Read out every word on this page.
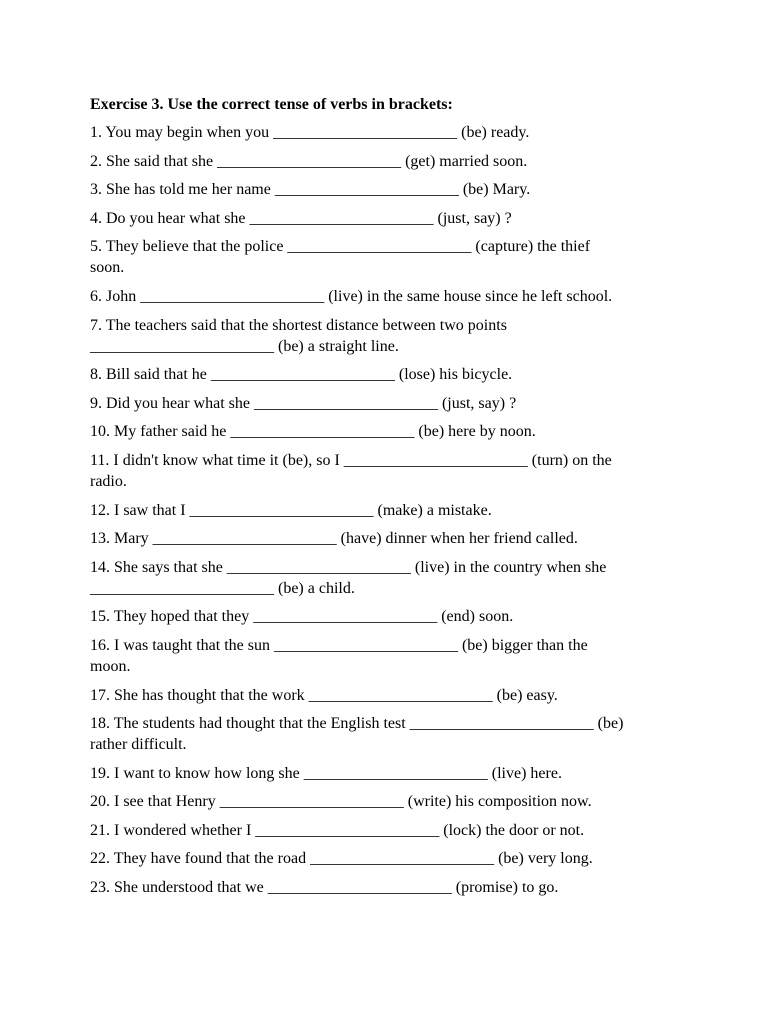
Exercise 3. Use the correct tense of verbs in brackets:
1. You may begin when you _______________________ (be) ready.
2. She said that she _______________________ (get) married soon.
3. She has told me her name _______________________ (be) Mary.
4. Do you hear what she _______________________ (just, say) ?
5. They believe that the police _______________________ (capture) the thief
soon.
6. John _______________________ (live) in the same house since he left school.
7. The teachers said that the shortest distance between two points
_______________________ (be) a straight line.
8. Bill said that he _______________________ (lose) his bicycle.
9. Did you hear what she _______________________ (just, say) ?
10. My father said he _______________________ (be) here by noon.
11. I didn't know what time it (be), so I _______________________ (turn) on the
radio.
12. I saw that I _______________________ (make) a mistake.
13. Mary _______________________ (have) dinner when her friend called.
14. She says that she _______________________ (live) in the country when she
_______________________ (be) a child.
15. They hoped that they _______________________ (end) soon.
16. I was taught that the sun _______________________ (be) bigger than the
moon.
17. She has thought that the work _______________________ (be) easy.
18. The students had thought that the English test _______________________ (be)
rather difficult.
19. I want to know how long she _______________________ (live) here.
20. I see that Henry _______________________ (write) his composition now.
21. I wondered whether I _______________________ (lock) the door or not.
22. They have found that the road _______________________ (be) very long.
23. She understood that we _______________________ (promise) to go.
